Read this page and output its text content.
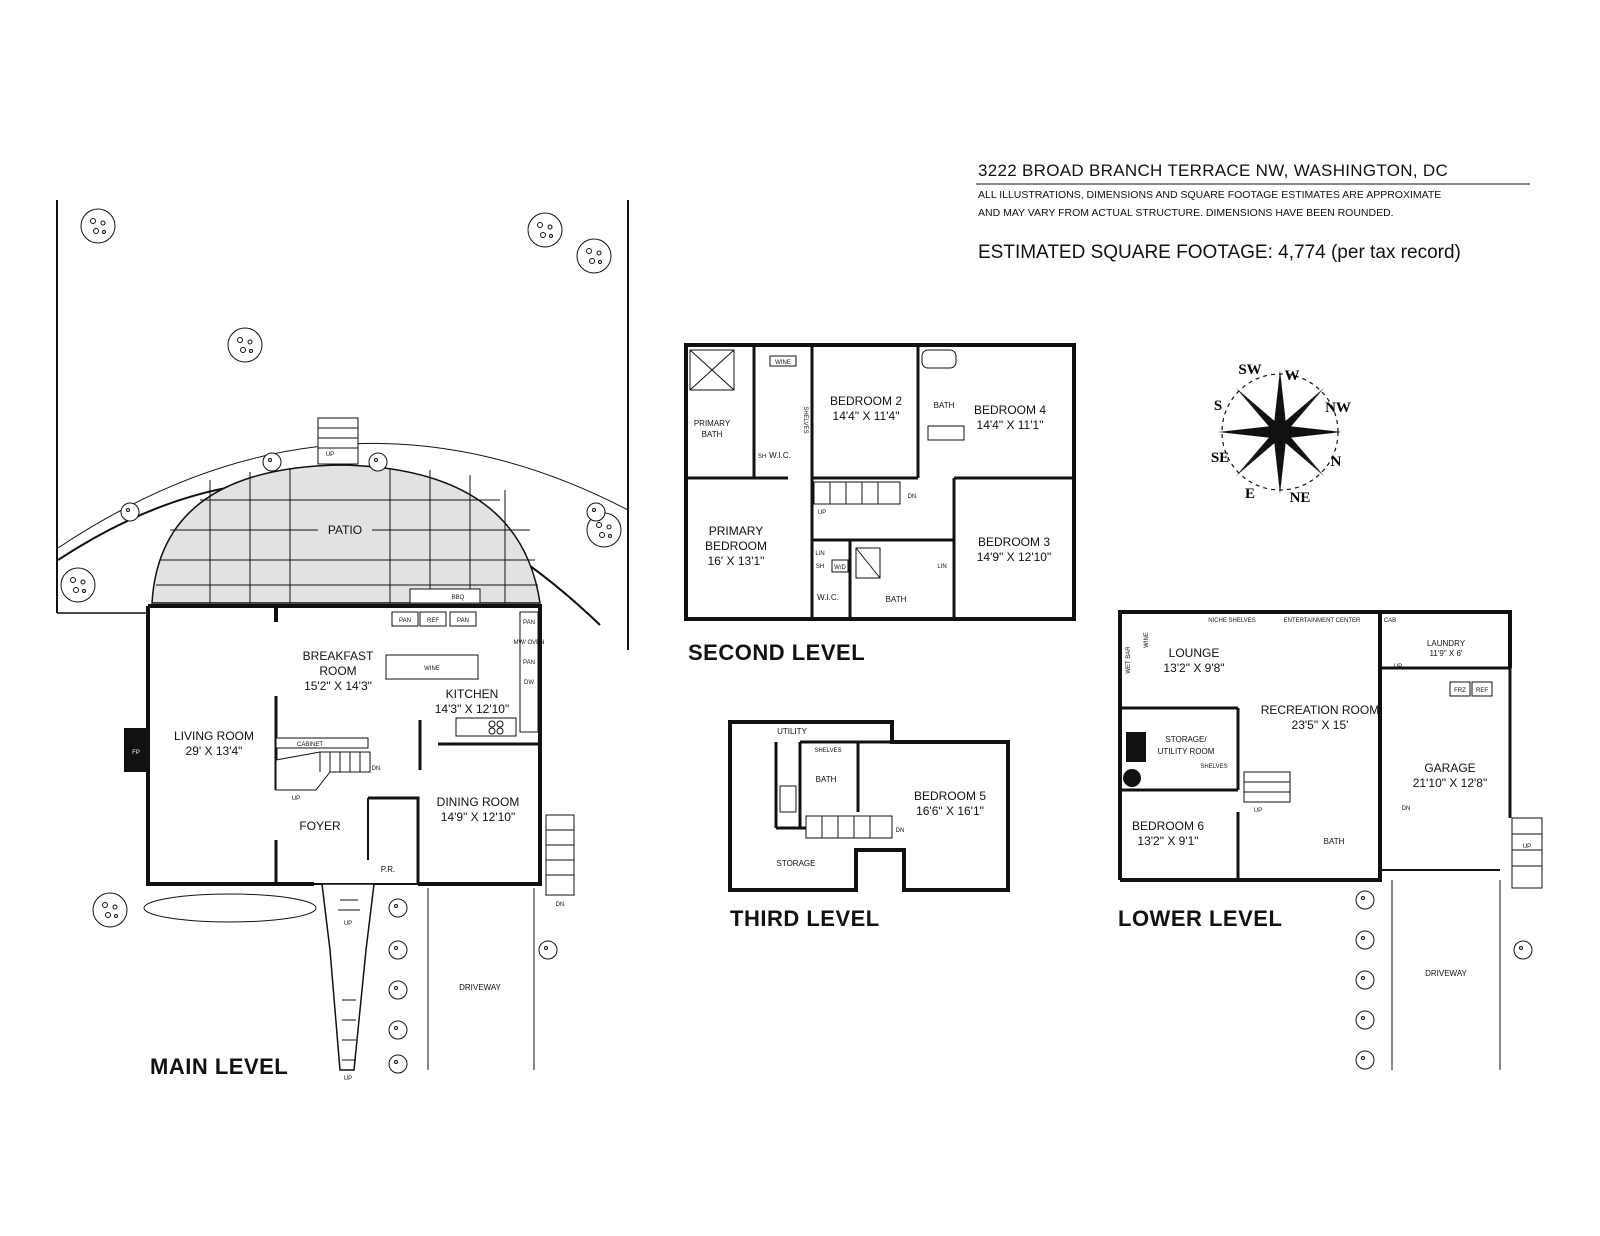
3222 BROAD BRANCH TERRACE NW, WASHINGTON, DC
ALL ILLUSTRATIONS, DIMENSIONS AND SQUARE FOOTAGE ESTIMATES ARE APPROXIMATE
AND MAY VARY FROM ACTUAL STRUCTURE. DIMENSIONS HAVE BEEN ROUNDED.
ESTIMATED SQUARE FOOTAGE: 4,774 (per tax record)
SW W
NW
N
NE
E
SE
S
PATIO
UP
BBQ
FP
CABINET
DN
UP
PAN	REF	PAN	PAN
MW/ OVEN
PAN
DW
WINE
BREAKFAST
ROOM
15'2" X 14'3"
KITCHEN
14'3" X 12'10"
LIVING ROOM
29' X 13'4"
DINING ROOM
14'9" X 12'10"
FOYER
P.R.
UP
UP
DN
DRIVEWAY
MAIN LEVEL
PRIMARY
BATH
WINE
SHELVES
W.I.C.
SH
BEDROOM 2
14'4" X 11'4"
BATH BEDROOM 4
14'4" X 11'1"
PRIMARY
BEDROOM
16' X 13'1"
DN
UP
LIN
SH W/D
W.I.C.	BATH
LIN
BEDROOM 3
14'9" X 12'10"
SECOND LEVEL
UTILITY
SHELVES
BATH
DN
BEDROOM 5
16'6" X 16'1"
STORAGE
THIRD LEVEL
NICHE SHELVES	ENTERTAINMENT CENTER	CAB
WET BAR
WINE
LOUNGE
13'2" X 9'8"
LAUNDRY
11'9" X 6'
STORAGE/
UTILITY ROOM
SHELVES
RECREATION ROOM
23'5" X 15'
UP	DN
UP
BEDROOM 6
13'2" X 9'1"	BATH
FRZ REF
GARAGE
21'10" X 12'8"
UP
DRIVEWAY
LOWER LEVEL
